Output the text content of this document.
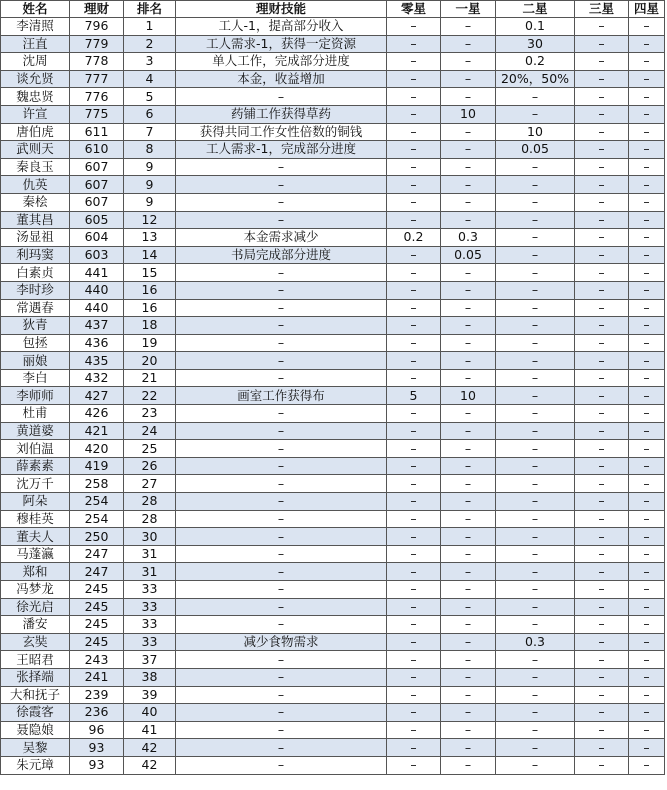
姓名	理财	排名	理财技能	零星	一星	二星	三星	四星
李清照	796	1	工人-1，提高部分收入	–	–	0.1	–	–
汪直	779	2	工人需求-1，获得一定资源	–	–	30	–	–
沈周	778	3	单人工作，完成部分进度	–	–	0.2	–	–
谈允贤	777	4	本金，收益增加	–	–	20%，50%	–	–
魏忠贤	776	5	–	–	–	–	–	–
许宣	775	6	药铺工作获得草药	–	10	–	–	–
唐伯虎	611	7	获得共同工作女性倍数的铜钱	–	–	10	–	–
武则天	610	8	工人需求-1，完成部分进度	–	–	0.05	–	–
秦良玉	607	9	–	–	–	–	–	–
仇英	607	9	–	–	–	–	–	–
秦桧	607	9	–	–	–	–	–	–
董其昌	605	12	–	–	–	–	–	–
汤显祖	604	13	本金需求减少	0.2	0.3	–	–	–
利玛窦	603	14	书局完成部分进度	–	0.05	–	–	–
白素贞	441	15	–	–	–	–	–	–
李时珍	440	16	–	–	–	–	–	–
常遇春	440	16	–	–	–	–	–	–
狄青	437	18	–	–	–	–	–	–
包拯	436	19	–	–	–	–	–	–
丽娘	435	20	–	–	–	–	–	–
李白	432	21	–	–	–	–	–	–
李师师	427	22	画室工作获得布	5	10	–	–	–
杜甫	426	23	–	–	–	–	–	–
黄道婆	421	24	–	–	–	–	–	–
刘伯温	420	25	–	–	–	–	–	–
薛素素	419	26	–	–	–	–	–	–
沈万千	258	27	–	–	–	–	–	–
阿朵	254	28	–	–	–	–	–	–
穆桂英	254	28	–	–	–	–	–	–
董夫人	250	30	–	–	–	–	–	–
马蓬瀛	247	31	–	–	–	–	–	–
郑和	247	31	–	–	–	–	–	–
冯梦龙	245	33	–	–	–	–	–	–
徐光启	245	33	–	–	–	–	–	–
潘安	245	33	–	–	–	–	–	–
玄奘	245	33	减少食物需求	–	–	0.3	–	–
王昭君	243	37	–	–	–	–	–	–
张择端	241	38	–	–	–	–	–	–
大和抚子	239	39	–	–	–	–	–	–
徐霞客	236	40	–	–	–	–	–	–
聂隐娘	96	41	–	–	–	–	–	–
吴黎	93	42	–	–	–	–	–	–
朱元璋	93	42	–	–	–	–	–	–
